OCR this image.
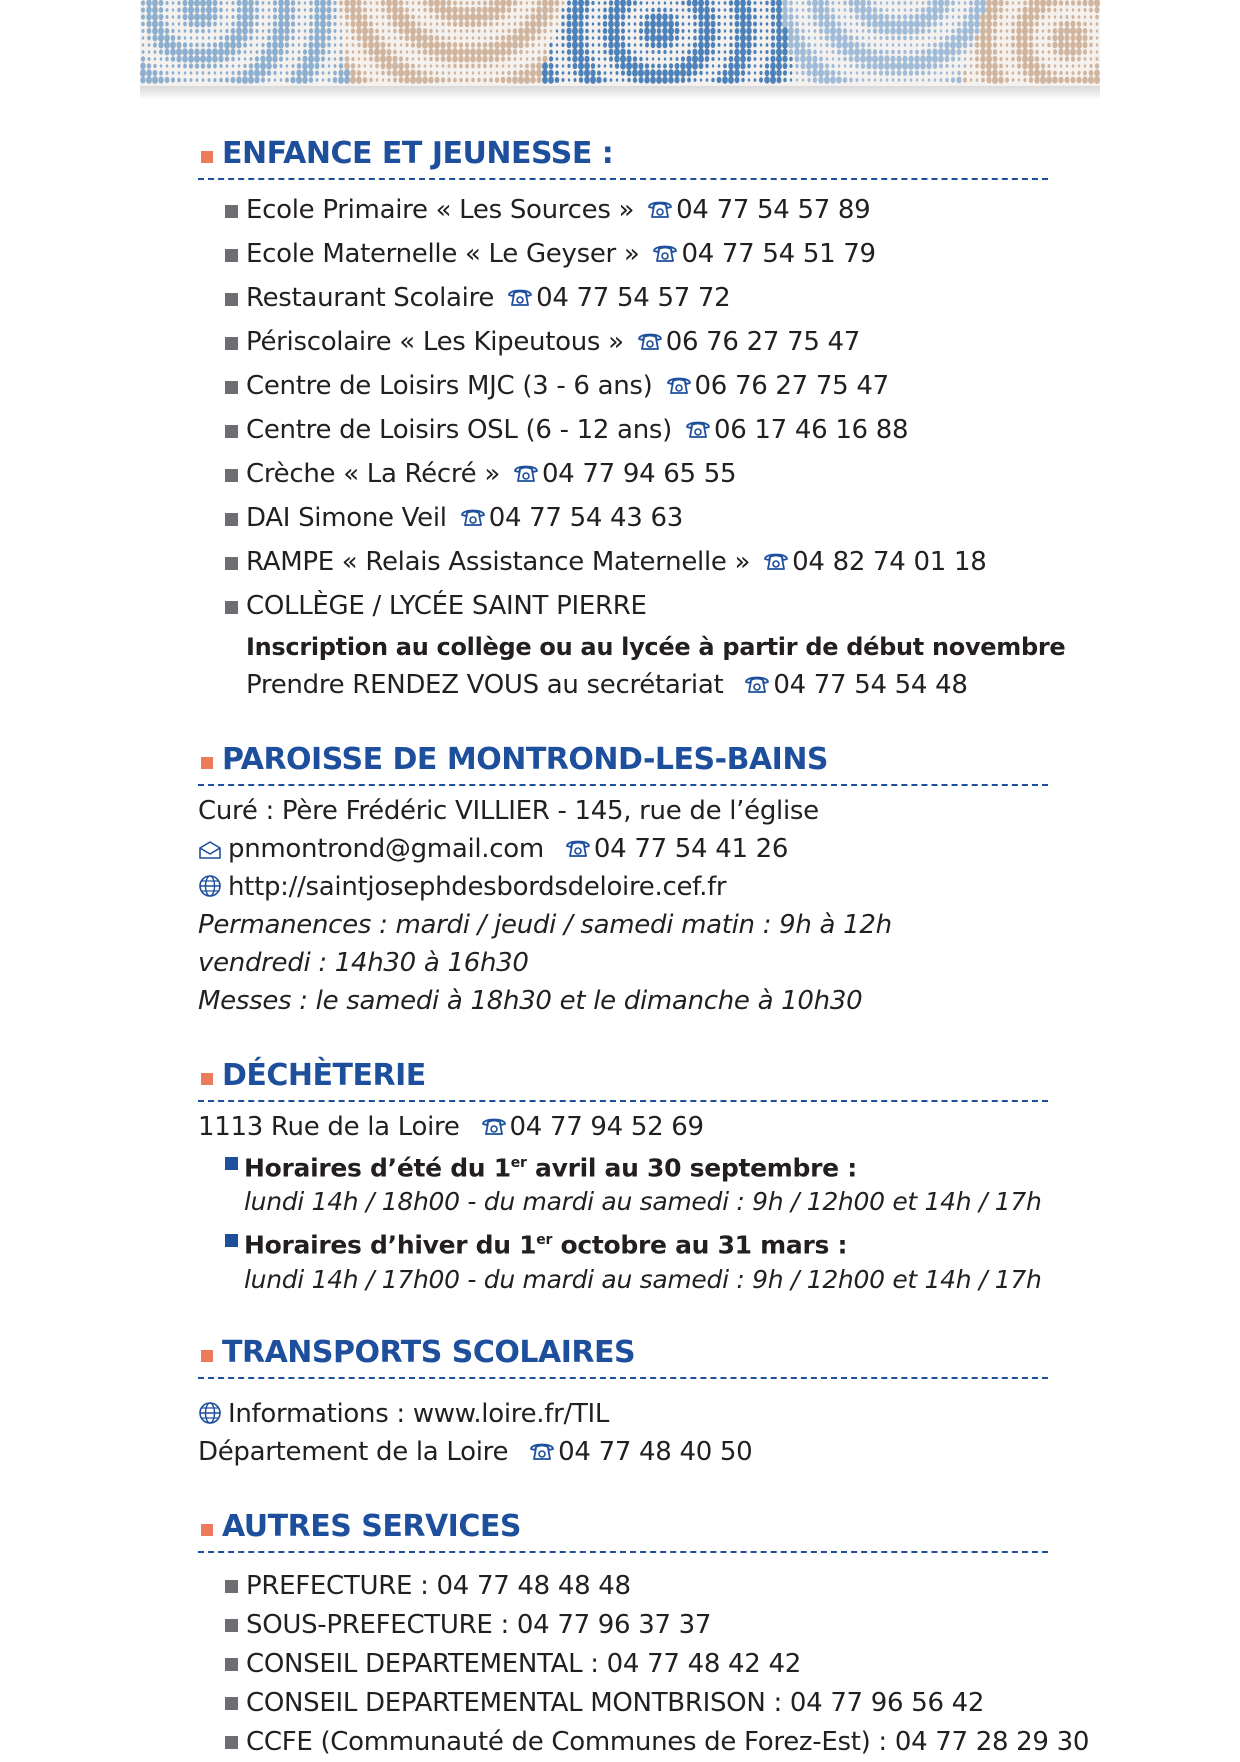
ENFANCE ET JEUNESSE :
Ecole Primaire « Les Sources » 04 77 54 57 89
Ecole Maternelle « Le Geyser » 04 77 54 51 79
Restaurant Scolaire 04 77 54 57 72
Périscolaire « Les Kipeutous » 06 76 27 75 47
Centre de Loisirs MJC (3 - 6 ans) 06 76 27 75 47
Centre de Loisirs OSL (6 - 12 ans) 06 17 46 16 88
Crèche « La Récré » 04 77 94 65 55
DAI Simone Veil 04 77 54 43 63
RAMPE « Relais Assistance Maternelle » 04 82 74 01 18
COLLÈGE / LYCÉE SAINT PIERRE
Inscription au collège ou au lycée à partir de début novembre
Prendre RENDEZ VOUS au secrétariat 04 77 54 54 48
PAROISSE DE MONTROND-LES-BAINS
Curé : Père Frédéric VILLIER - 145, rue de l’église
pnmontrond@gmail.com 04 77 54 41 26
http://saintjosephdesbordsdeloire.cef.fr
Permanences : mardi / jeudi / samedi matin : 9h à 12h
vendredi : 14h30 à 16h30
Messes : le samedi à 18h30 et le dimanche à 10h30
DÉCHÈTERIE
1113 Rue de la Loire 04 77 94 52 69
Horaires d’été du 1er avril au 30 septembre :
lundi 14h / 18h00 - du mardi au samedi : 9h / 12h00 et 14h / 17h
Horaires d’hiver du 1er octobre au 31 mars :
lundi 14h / 17h00 - du mardi au samedi : 9h / 12h00 et 14h / 17h
TRANSPORTS SCOLAIRES
Informations : www.loire.fr/TIL
Département de la Loire 04 77 48 40 50
AUTRES SERVICES
PREFECTURE : 04 77 48 48 48
SOUS-PREFECTURE : 04 77 96 37 37
CONSEIL DEPARTEMENTAL : 04 77 48 42 42
CONSEIL DEPARTEMENTAL MONTBRISON : 04 77 96 56 42
CCFE (Communauté de Communes de Forez-Est) : 04 77 28 29 30
